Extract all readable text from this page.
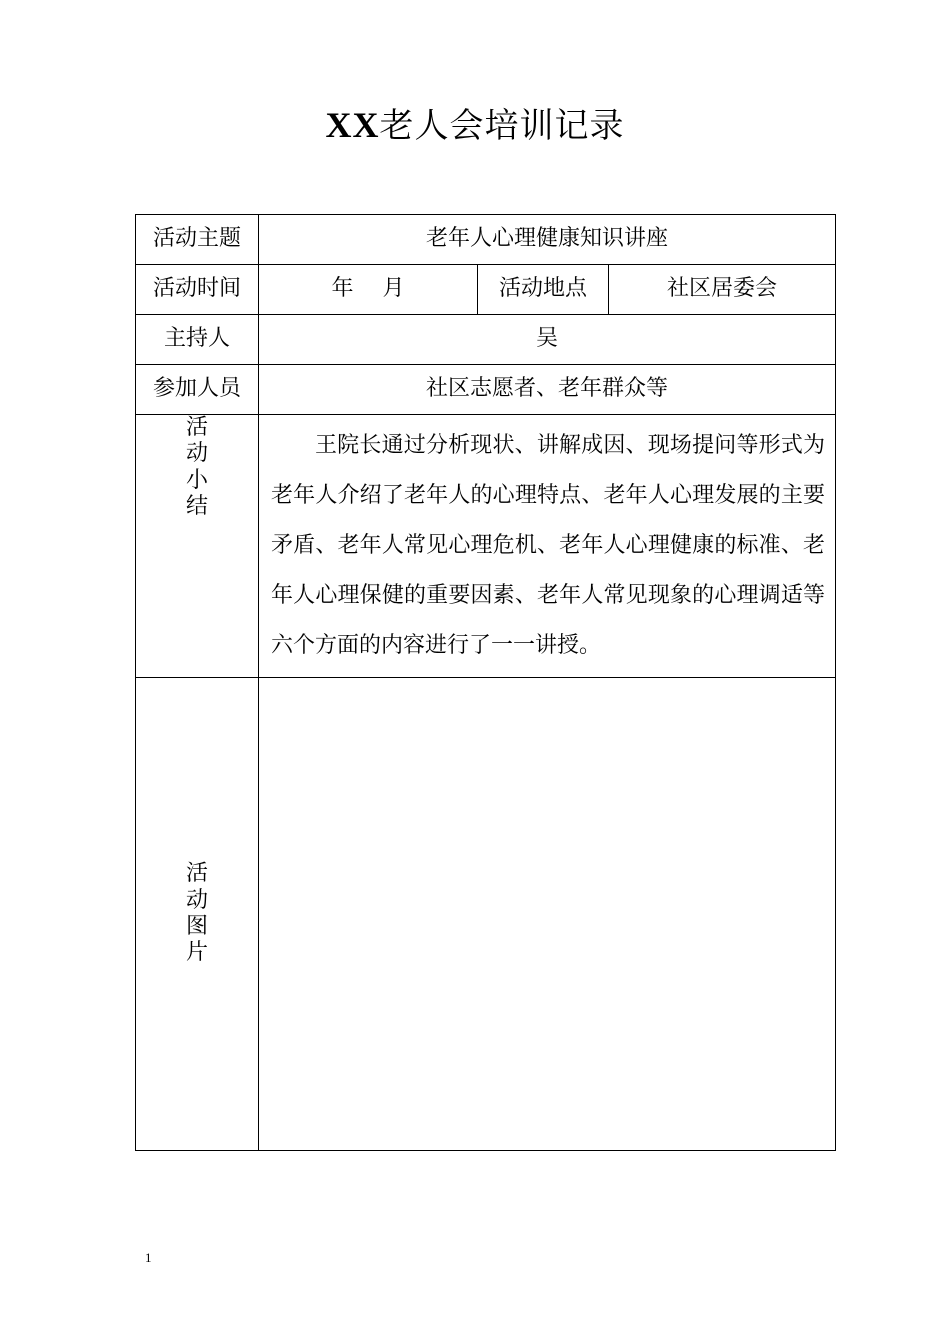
XX老人会培训记录
活动主题	老年人心理健康知识讲座		
活动时间	年　 月	活动地点	社区居委会
主持人	吴		
参加人员	社区志愿者、老年群众等		

活
动
小
结	王院长通过分析现状、讲解成因、现场提问等形式为老年人介绍了老年人的心理特点、老年人心理发展的主要矛盾、老年人常见心理危机、老年人心理健康的标准、老年人心理保健的重要因素、老年人常见现象的心理调适等六个方面的内容进行了一一讲授。		

活
动
图
片			

1
